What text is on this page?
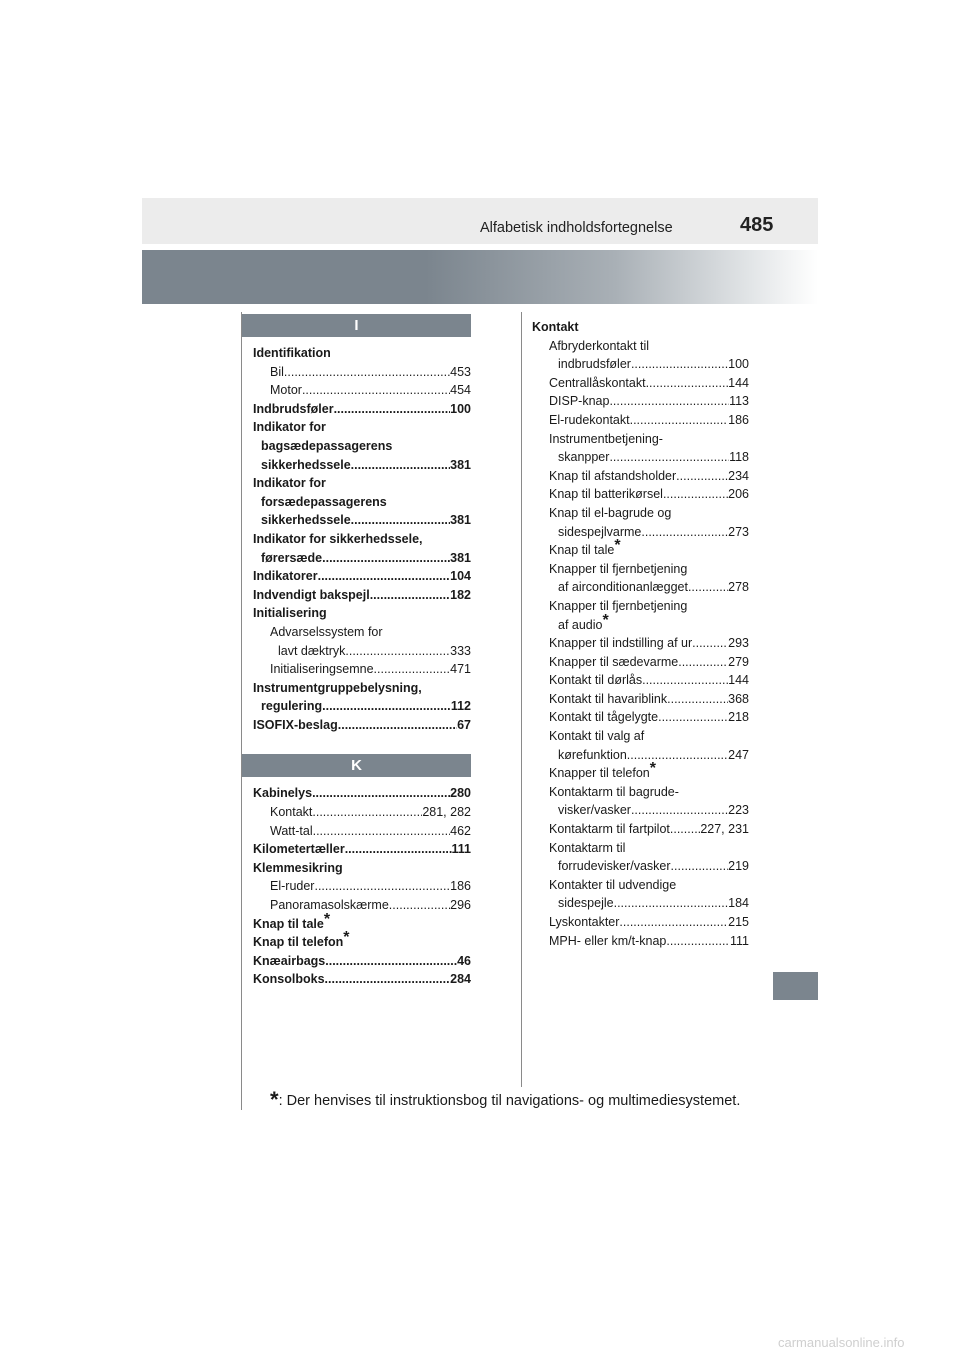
Alfabetisk indholdsfortegnelse	485
I
Identifikation
Bil .....	453
Motor .....	454
Indbrudsføler .....	100
Indikator for
bagsædepassagerens
sikkerhedssele .....	381
Indikator for
forsædepassagerens
sikkerhedssele .....	381
Indikator for sikkerhedssele,
førersæde .....	381
Indikatorer .....	104
Indvendigt bakspejl .....	182
Initialisering
Advarselssystem for
lavt dæktryk .....	333
Initialiseringsemne .....	471
Instrumentgruppebelysning,
regulering .....	112
ISOFIX-beslag .....	67
K
Kabinelys .....	280
Kontakt .....	281, 282
Watt-tal .....	462
Kilometertæller .....	111
Klemmesikring
El-ruder .....	186
Panoramasolskærme .....	296
Knap til tale*
Knap til telefon*
Knæairbags .....	46
Konsolboks .....	284
Kontakt
Afbryderkontakt til
indbrudsføler .....	100
Centrallåskontakt .....	144
DISP-knap .....	113
El-rudekontakt .....	186
Instrumentbetjening-
skanpper .....	118
Knap til afstandsholder .....	234
Knap til batterikørsel .....	206
Knap til el-bagrude og
sidespejlvarme .....	273
Knap til tale*
Knapper til fjernbetjening
af airconditionanlægget .....	278
Knapper til fjernbetjening
af audio*
Knapper til indstilling af ur .....	293
Knapper til sædevarme .....	279
Kontakt til dørlås .....	144
Kontakt til havariblink .....	368
Kontakt til tågelygte .....	218
Kontakt til valg af
kørefunktion .....	247
Knapper til telefon*
Kontaktarm til bagrude-
visker/vasker .....	223
Kontaktarm til fartpilot ..... 227, 231
Kontaktarm til
forrudevisker/vasker .....	219
Kontakter til udvendige
sidespejle .....	184
Lyskontakter .....	215
MPH- eller km/t-knap .....	111
*: Der henvises til instruktionsbog til navigations- og multimediesystemet.
carmanualsonline.info
